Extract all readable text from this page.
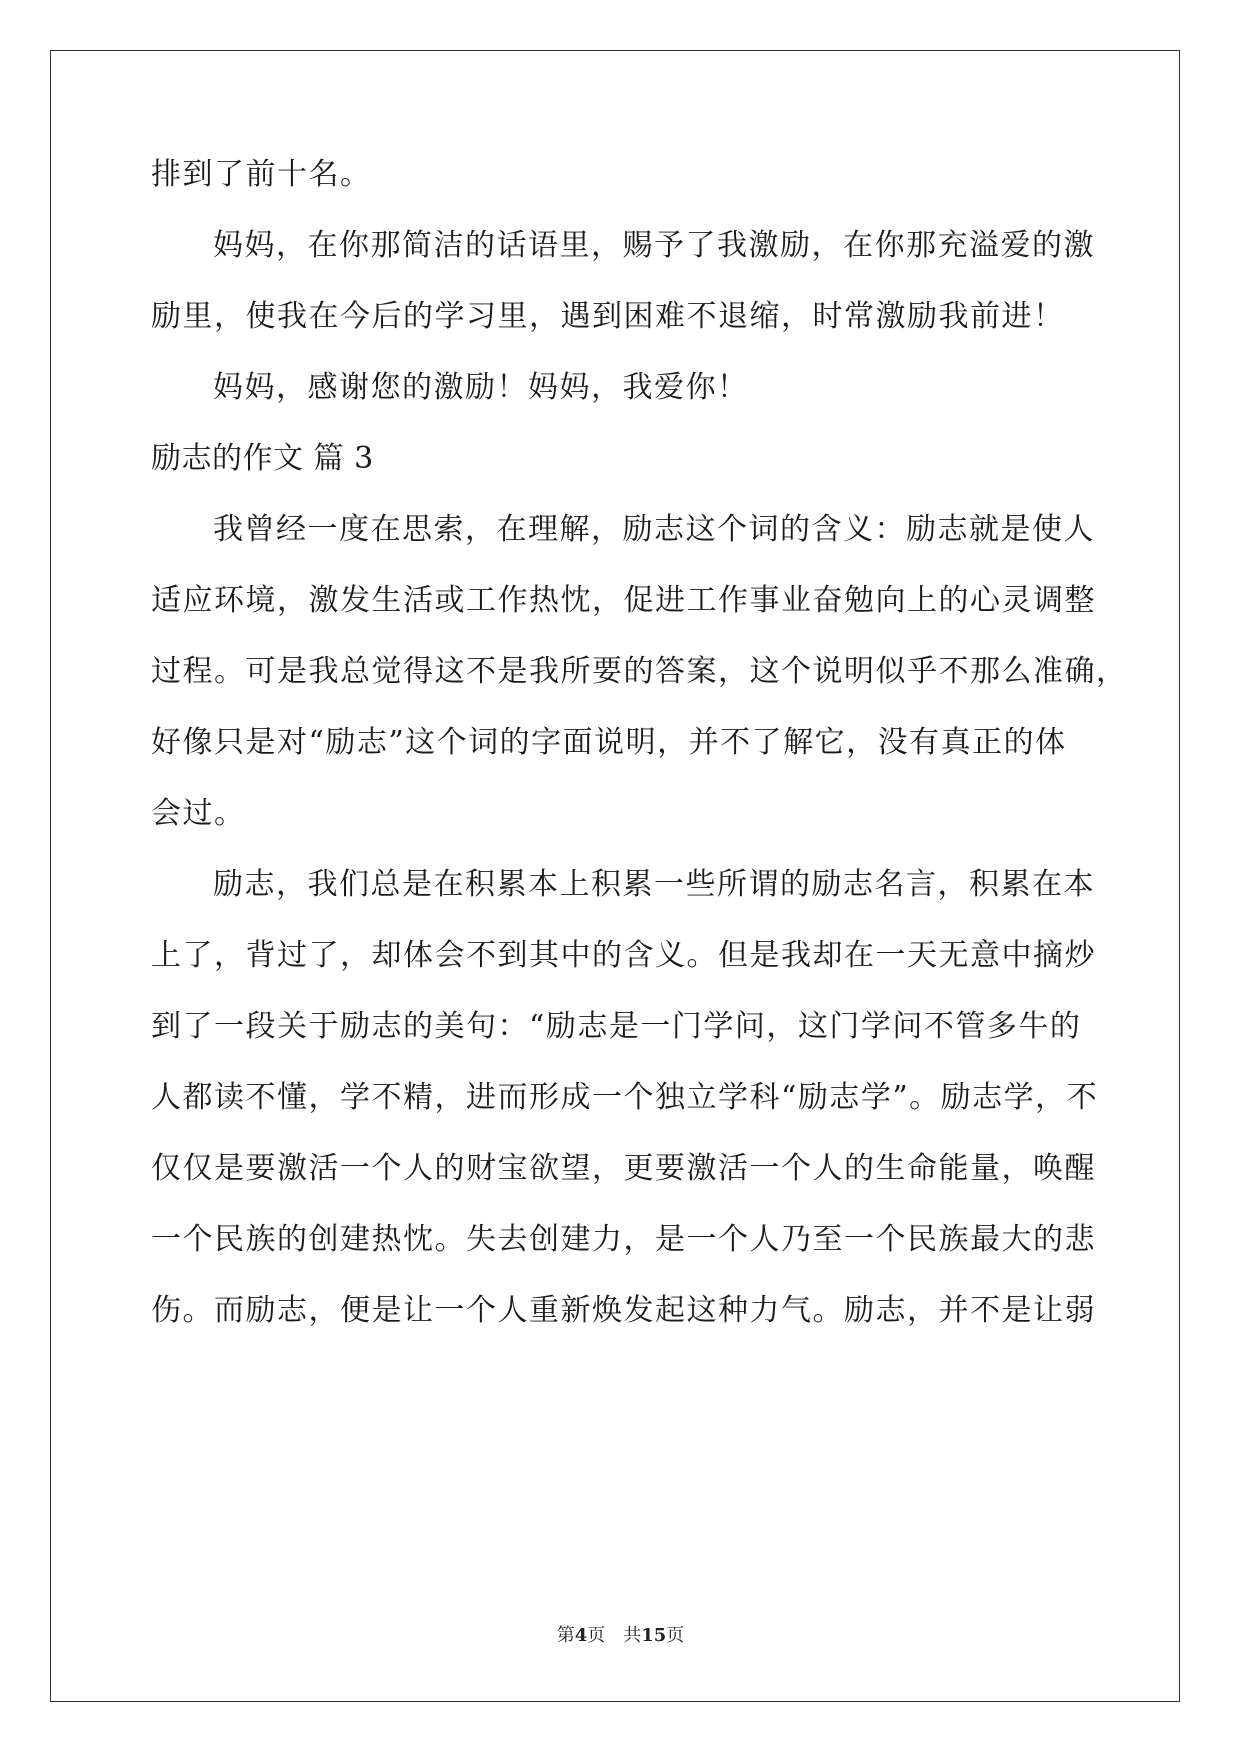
排到了前十名。
妈妈，在你那简洁的话语里，赐予了我激励，在你那充溢爱的激
励里，使我在今后的学习里，遇到困难不退缩，时常激励我前进！
妈妈，感谢您的激励！妈妈，我爱你！
励志的作文 篇 3
我曾经一度在思索，在理解，励志这个词的含义：励志就是使人
适应环境，激发生活或工作热忱，促进工作事业奋勉向上的心灵调整
过程。可是我总觉得这不是我所要的答案，这个说明似乎不那么准确，
好像只是对“励志”这个词的字面说明，并不了解它，没有真正的体
会过。
励志，我们总是在积累本上积累一些所谓的励志名言，积累在本
上了，背过了，却体会不到其中的含义。但是我却在一天无意中摘炒
到了一段关于励志的美句：“励志是一门学问，这门学问不管多牛的
人都读不懂，学不精，进而形成一个独立学科“励志学”。励志学，不
仅仅是要激活一个人的财宝欲望，更要激活一个人的生命能量，唤醒
一个民族的创建热忱。失去创建力，是一个人乃至一个民族最大的悲
伤。而励志，便是让一个人重新焕发起这种力气。励志，并不是让弱
第4页 共15页
